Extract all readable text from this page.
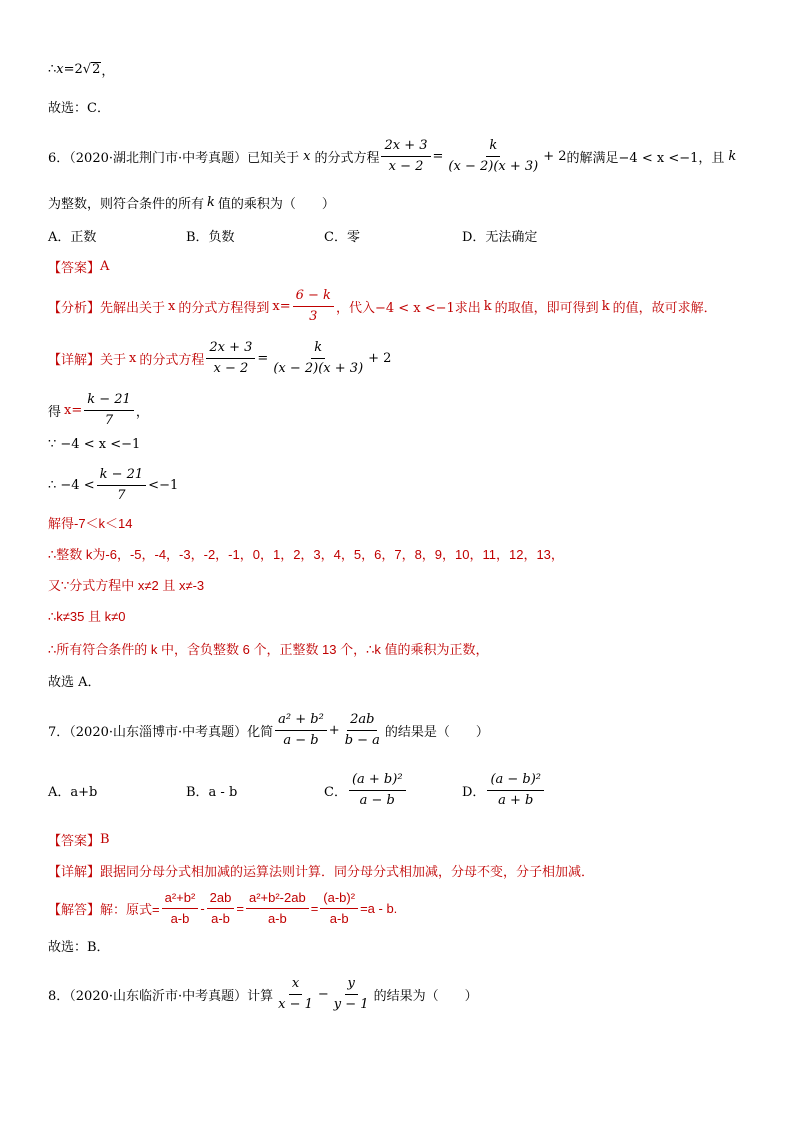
∴ x =2 √ 2 ，
故选：C．
6．（2020·湖北荆门市·中考真题）已知关于 x 的分式方程 $\frac{2x + 3}{x - 2} = \frac{k}{(x - 2)(x + 3)} + 2$ 的解满足−4 < x <−1，且 k
为整数，则符合条件的所有 k 值的乘积为（　　）
A．正数	B．负数	C．零	D．无法确定
【答案】 A
【分析】 先解出关于 x 的分式方程得到 $x= \frac{6 - k}{3}$ ，代入−4 < x <−1求出 k 的取值，即可得到 k 的值，故可求解．
【详解】 关于 x 的分式方程 $\frac{2x + 3}{x - 2} = \frac{k}{(x - 2)(x + 3)} + 2$
得 $x= \frac{k - 21}{7}$ ，
∵ −4 < x <−1
∴ $-4 < \frac{k - 21}{7} <-1$
解得-7＜k＜14
∴整数 k为-6，-5，-4，-3，-2，-1，0，1，2，3，4，5，6，7，8，9，10，11，12，13，
又∵分式方程中 x≠2 且 x≠-3
∴k≠35 且 k≠0
∴所有符合条件的 k 中，含负整数 6 个，正整数 13 个，∴k 值的乘积为正数，
故选 A．
7．（2020·山东淄博市·中考真题）化简 $\frac{\text{a² + b²}}{a - b} + \frac{2ab}{b - a}$ 的结果是（　　）
A．a+b	B．a - b	C． $\frac{\text{(a + b)²}}{a - b}$	D． $\frac{\text{(a − b)²}}{a + b}$
【答案】 B
【详解】 跟据同分母分式相加减的运算法则计算．同分母分式相加减，分母不变，分子相加减．
【解答】 解：原式= $\frac{\text{a²+b²}}{a-b} - \frac{2ab}{a-b} = \frac{\text{a²+b²-2ab}}{a-b} = \frac{\text{(a-b)²}}{a-b} =a - b$.
故选：B．
8．（2020·山东临沂市·中考真题）计算 $\frac{x}{x - 1} - \frac{y}{y - 1}$ 的结果为（　　）
